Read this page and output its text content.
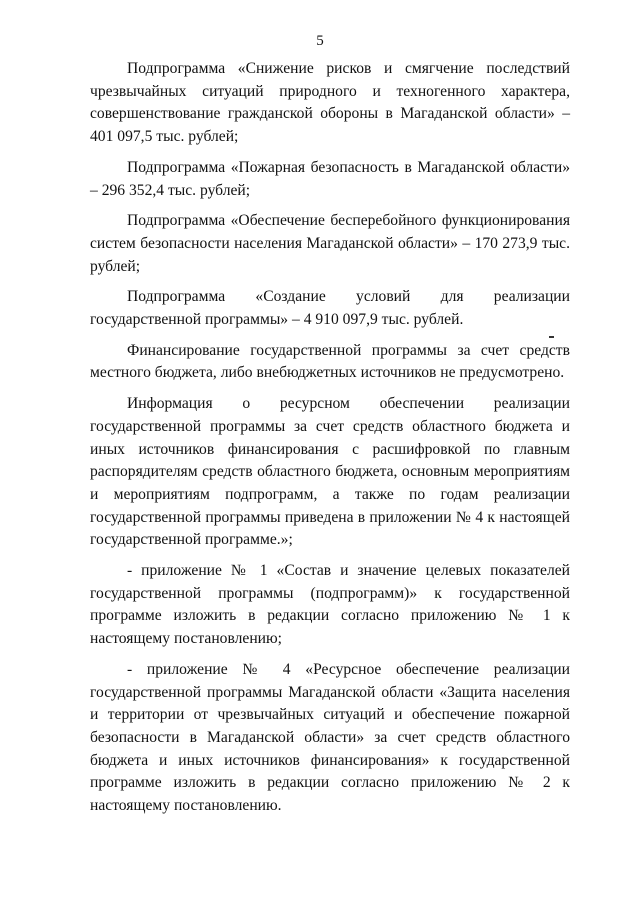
5

Подпрограмма «Снижение рисков и смягчение последствий чрезвычайных ситуаций природного и техногенного характера, совершенствование гражданской обороны в Магаданской области» – 401 097,5 тыс. рублей;

Подпрограмма «Пожарная безопасность в Магаданской области» – 296 352,4 тыс. рублей;

Подпрограмма «Обеспечение бесперебойного функционирования систем безопасности населения Магаданской области» – 170 273,9 тыс. рублей;

Подпрограмма «Создание условий для реализации государственной программы» – 4 910 097,9 тыс. рублей.

Финансирование государственной программы за счет средств местного бюджета, либо внебюджетных источников не предусмотрено.

Информация о ресурсном обеспечении реализации государственной программы за счет средств областного бюджета и иных источников финансирования с расшифровкой по главным распорядителям средств областного бюджета, основным мероприятиям и мероприятиям подпрограмм, а также по годам реализации государственной программы приведена в приложении № 4 к настоящей государственной программе.»;

- приложение № 1 «Состав и значение целевых показателей государственной программы (подпрограмм)» к государственной программе изложить в редакции согласно приложению № 1 к настоящему постановлению;

- приложение № 4 «Ресурсное обеспечение реализации государственной программы Магаданской области «Защита населения и территории от чрезвычайных ситуаций и обеспечение пожарной безопасности в Магаданской области» за счет средств областного бюджета и иных источников финансирования» к государственной программе изложить в редакции согласно приложению № 2 к настоящему постановлению.
